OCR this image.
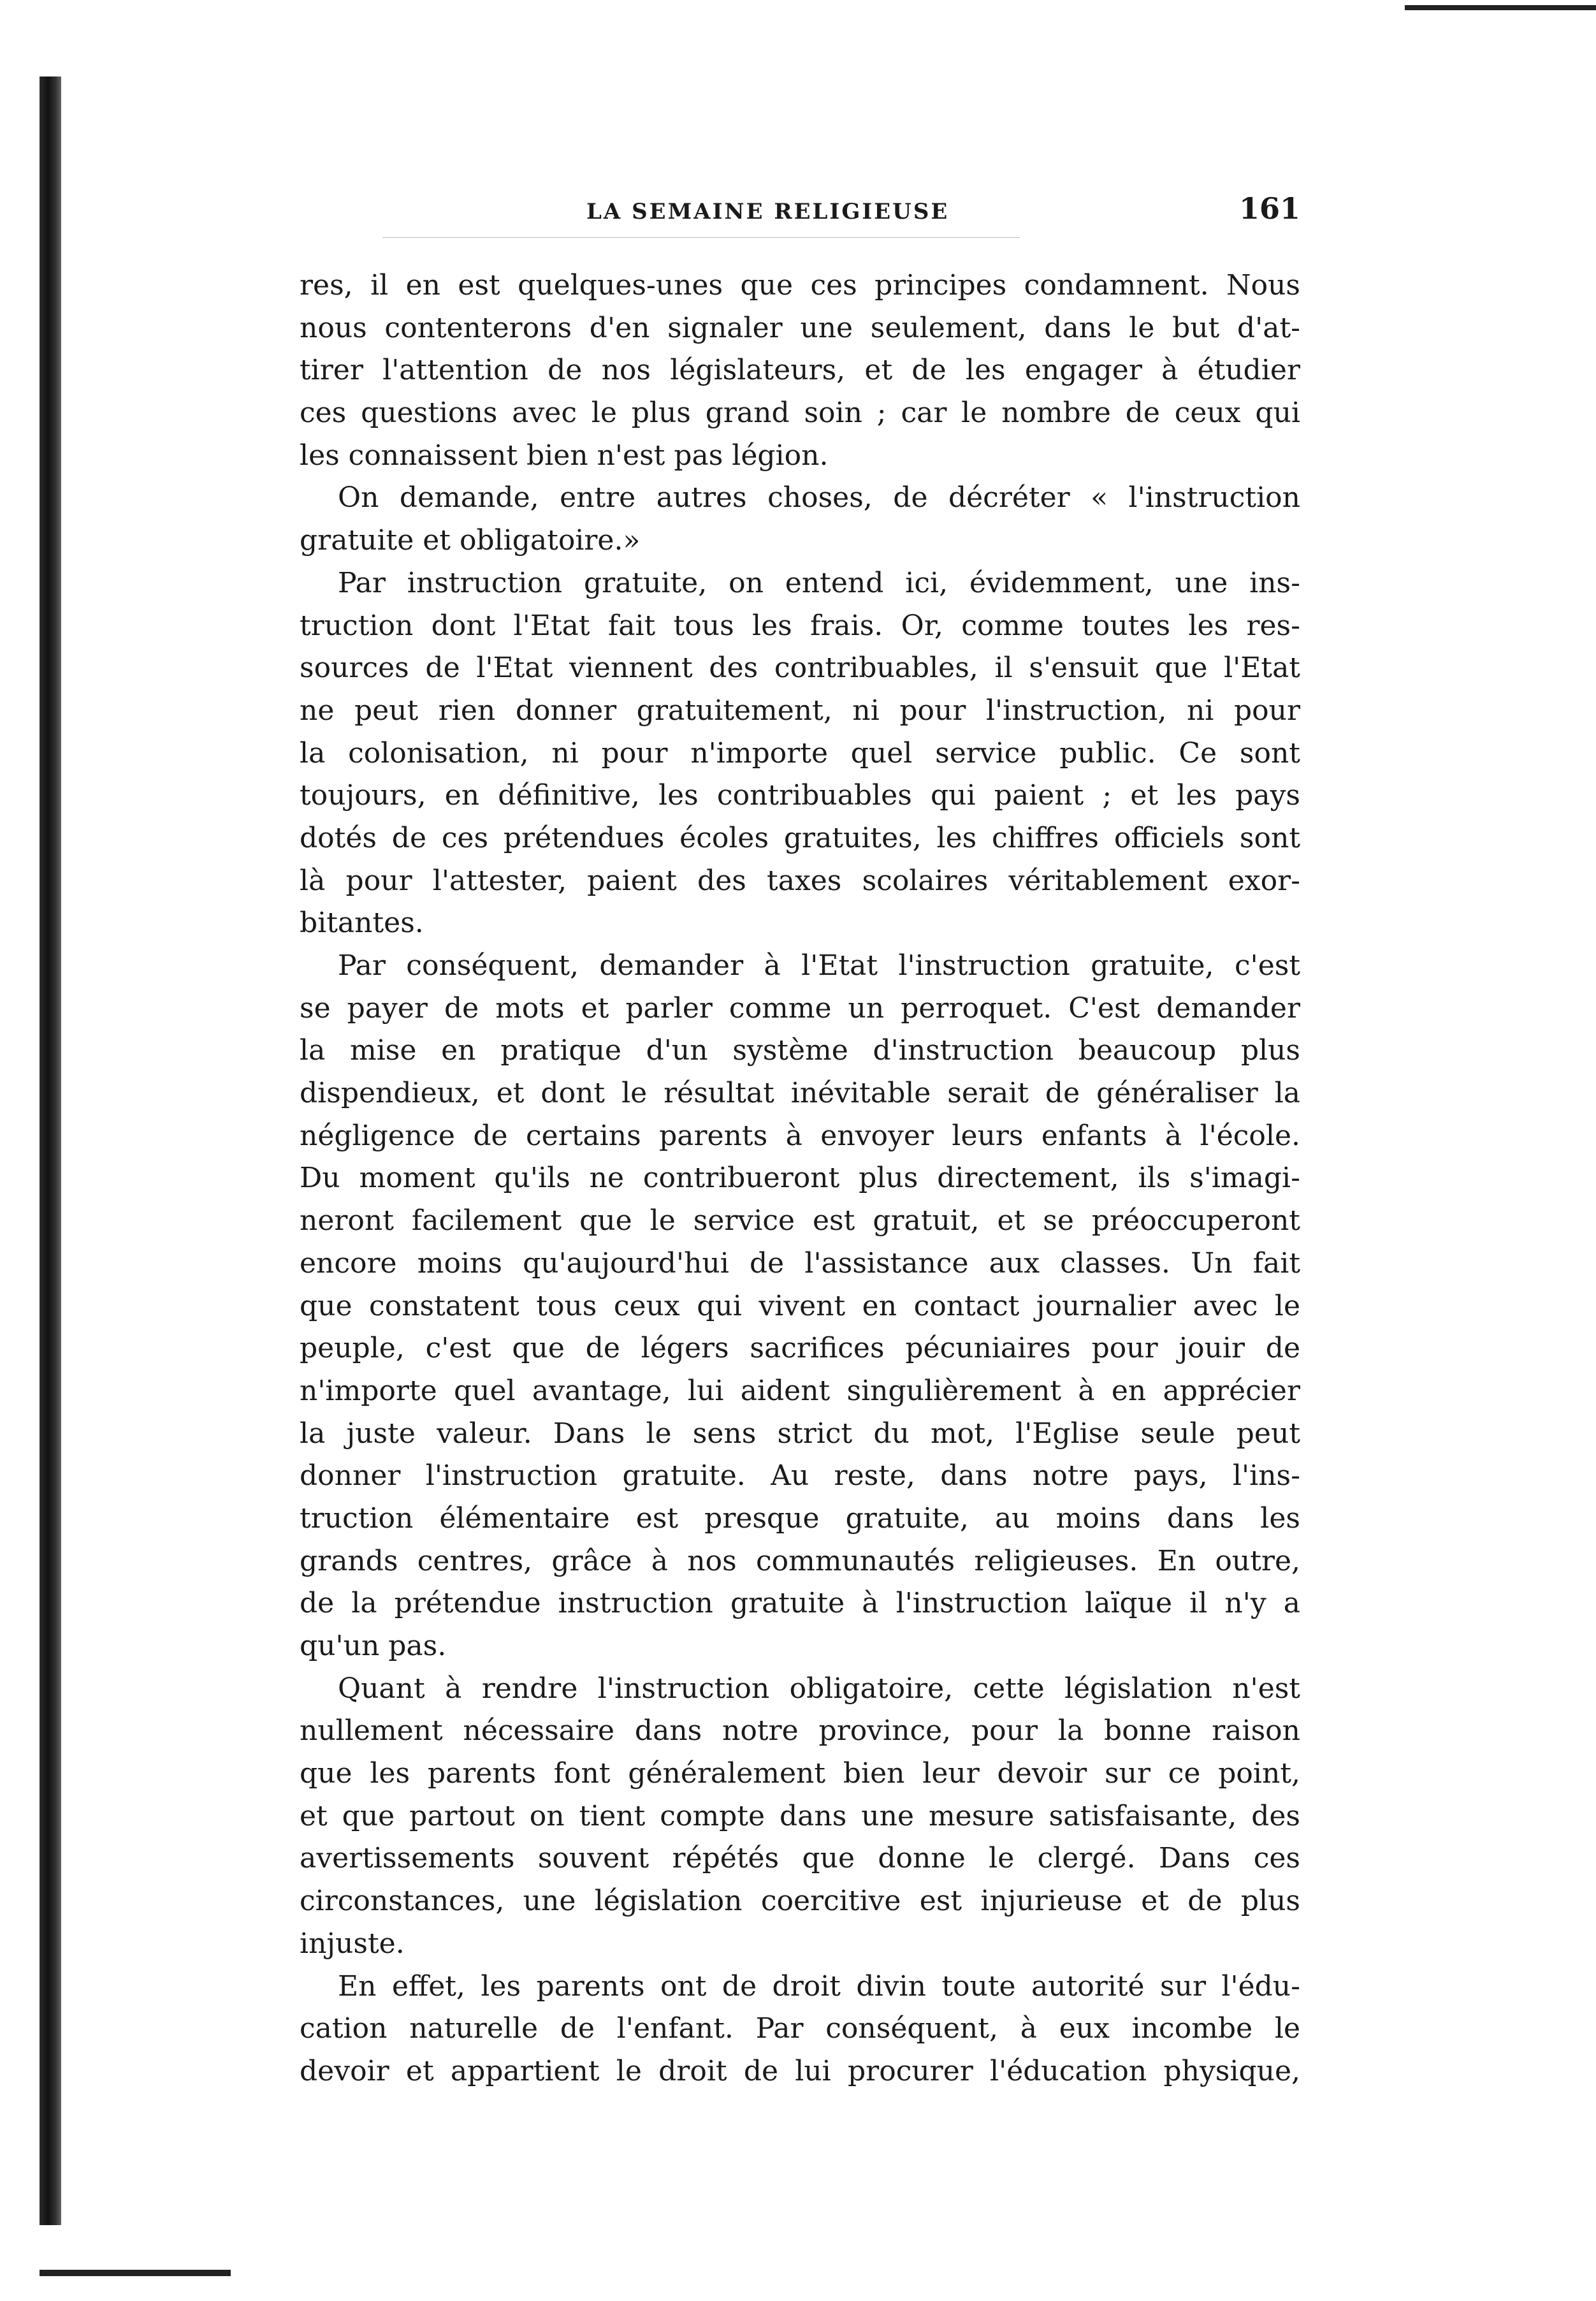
LA SEMAINE RELIGIEUSE	161
res, il en est quelques-unes que ces principes condamnent. Nous
nous contenterons d'en signaler une seulement, dans le but d'at-
tirer l'attention de nos législateurs, et de les engager à étudier
ces questions avec le plus grand soin ; car le nombre de ceux qui
les connaissent bien n'est pas légion.
On demande, entre autres choses, de décréter « l'instruction
gratuite et obligatoire.»
Par instruction gratuite, on entend ici, évidemment, une ins-
truction dont l'Etat fait tous les frais. Or, comme toutes les res-
sources de l'Etat viennent des contribuables, il s'ensuit que l'Etat
ne peut rien donner gratuitement, ni pour l'instruction, ni pour
la colonisation, ni pour n'importe quel service public. Ce sont
toujours, en définitive, les contribuables qui paient ; et les pays
dotés de ces prétendues écoles gratuites, les chiffres officiels sont
là pour l'attester, paient des taxes scolaires véritablement exor-
bitantes.
Par conséquent, demander à l'Etat l'instruction gratuite, c'est
se payer de mots et parler comme un perroquet. C'est demander
la mise en pratique d'un système d'instruction beaucoup plus
dispendieux, et dont le résultat inévitable serait de généraliser la
négligence de certains parents à envoyer leurs enfants à l'école.
Du moment qu'ils ne contribueront plus directement, ils s'imagi-
neront facilement que le service est gratuit, et se préoccuperont
encore moins qu'aujourd'hui de l'assistance aux classes. Un fait
que constatent tous ceux qui vivent en contact journalier avec le
peuple, c'est que de légers sacrifices pécuniaires pour jouir de
n'importe quel avantage, lui aident singulièrement à en apprécier
la juste valeur. Dans le sens strict du mot, l'Eglise seule peut
donner l'instruction gratuite. Au reste, dans notre pays, l'ins-
truction élémentaire est presque gratuite, au moins dans les
grands centres, grâce à nos communautés religieuses. En outre,
de la prétendue instruction gratuite à l'instruction laïque il n'y a
qu'un pas.
Quant à rendre l'instruction obligatoire, cette législation n'est
nullement nécessaire dans notre province, pour la bonne raison
que les parents font généralement bien leur devoir sur ce point,
et que partout on tient compte dans une mesure satisfaisante, des
avertissements souvent répétés que donne le clergé. Dans ces
circonstances, une législation coercitive est injurieuse et de plus
injuste.
En effet, les parents ont de droit divin toute autorité sur l'édu-
cation naturelle de l'enfant. Par conséquent, à eux incombe le
devoir et appartient le droit de lui procurer l'éducation physique,
